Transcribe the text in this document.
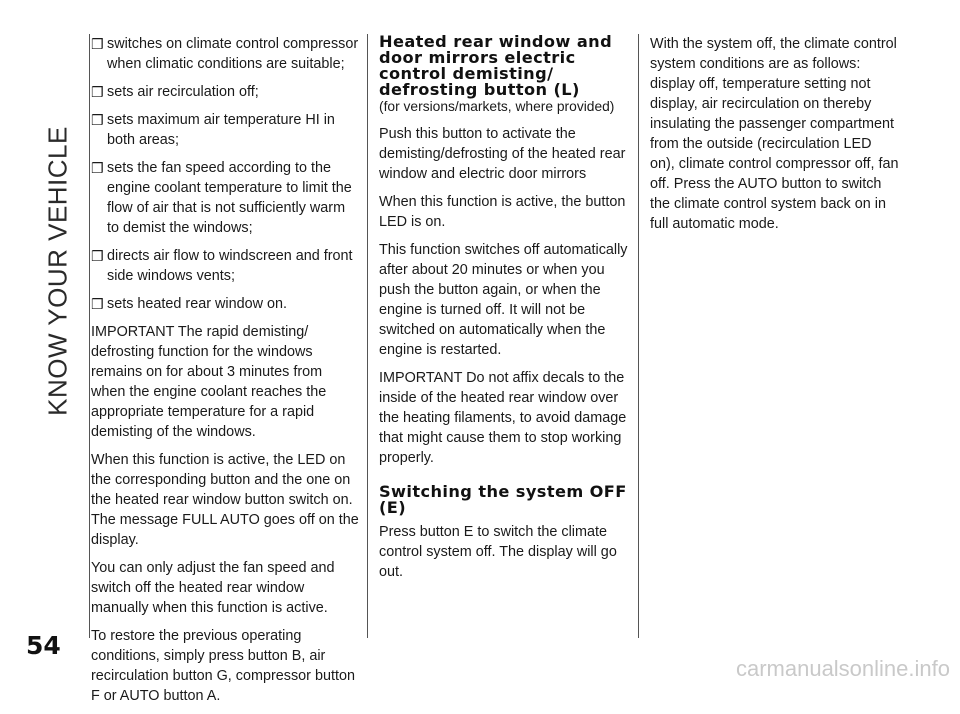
KNOW YOUR VEHICLE
54
❒ switches on climate control compressor when climatic conditions are suitable;
❒ sets air recirculation off;
❒ sets maximum air temperature HI in both areas;
❒ sets the fan speed according to the engine coolant temperature to limit the flow of air that is not sufficiently warm to demist the windows;
❒ directs air flow to windscreen and front side windows vents;
❒ sets heated rear window on.

IMPORTANT The rapid demisting/ defrosting function for the windows remains on for about 3 minutes from when the engine coolant reaches the appropriate temperature for a rapid demisting of the windows.

When this function is active, the LED on the corresponding button and the one on the heated rear window button switch on. The message FULL AUTO goes off on the display.

You can only adjust the fan speed and switch off the heated rear window manually when this function is active.

To restore the previous operating conditions, simply press button B, air recirculation button G, compressor button F or AUTO button A.

Heated rear window and door mirrors electric control demisting/ defrosting button (L)
(for versions/markets, where provided)

Push this button to activate the demisting/defrosting of the heated rear window and electric door mirrors

When this function is active, the button LED is on.

This function switches off automatically after about 20 minutes or when you push the button again, or when the engine is turned off. It will not be switched on automatically when the engine is restarted.

IMPORTANT Do not affix decals to the inside of the heated rear window over the heating filaments, to avoid damage that might cause them to stop working properly.

Switching the system OFF (E)

Press button E to switch the climate control system off. The display will go out.

With the system off, the climate control system conditions are as follows: display off, temperature setting not display, air recirculation on thereby insulating the passenger compartment from the outside (recirculation LED on), climate control compressor off, fan off. Press the AUTO button to switch the climate control system back on in full automatic mode.

carmanualsonline.info
